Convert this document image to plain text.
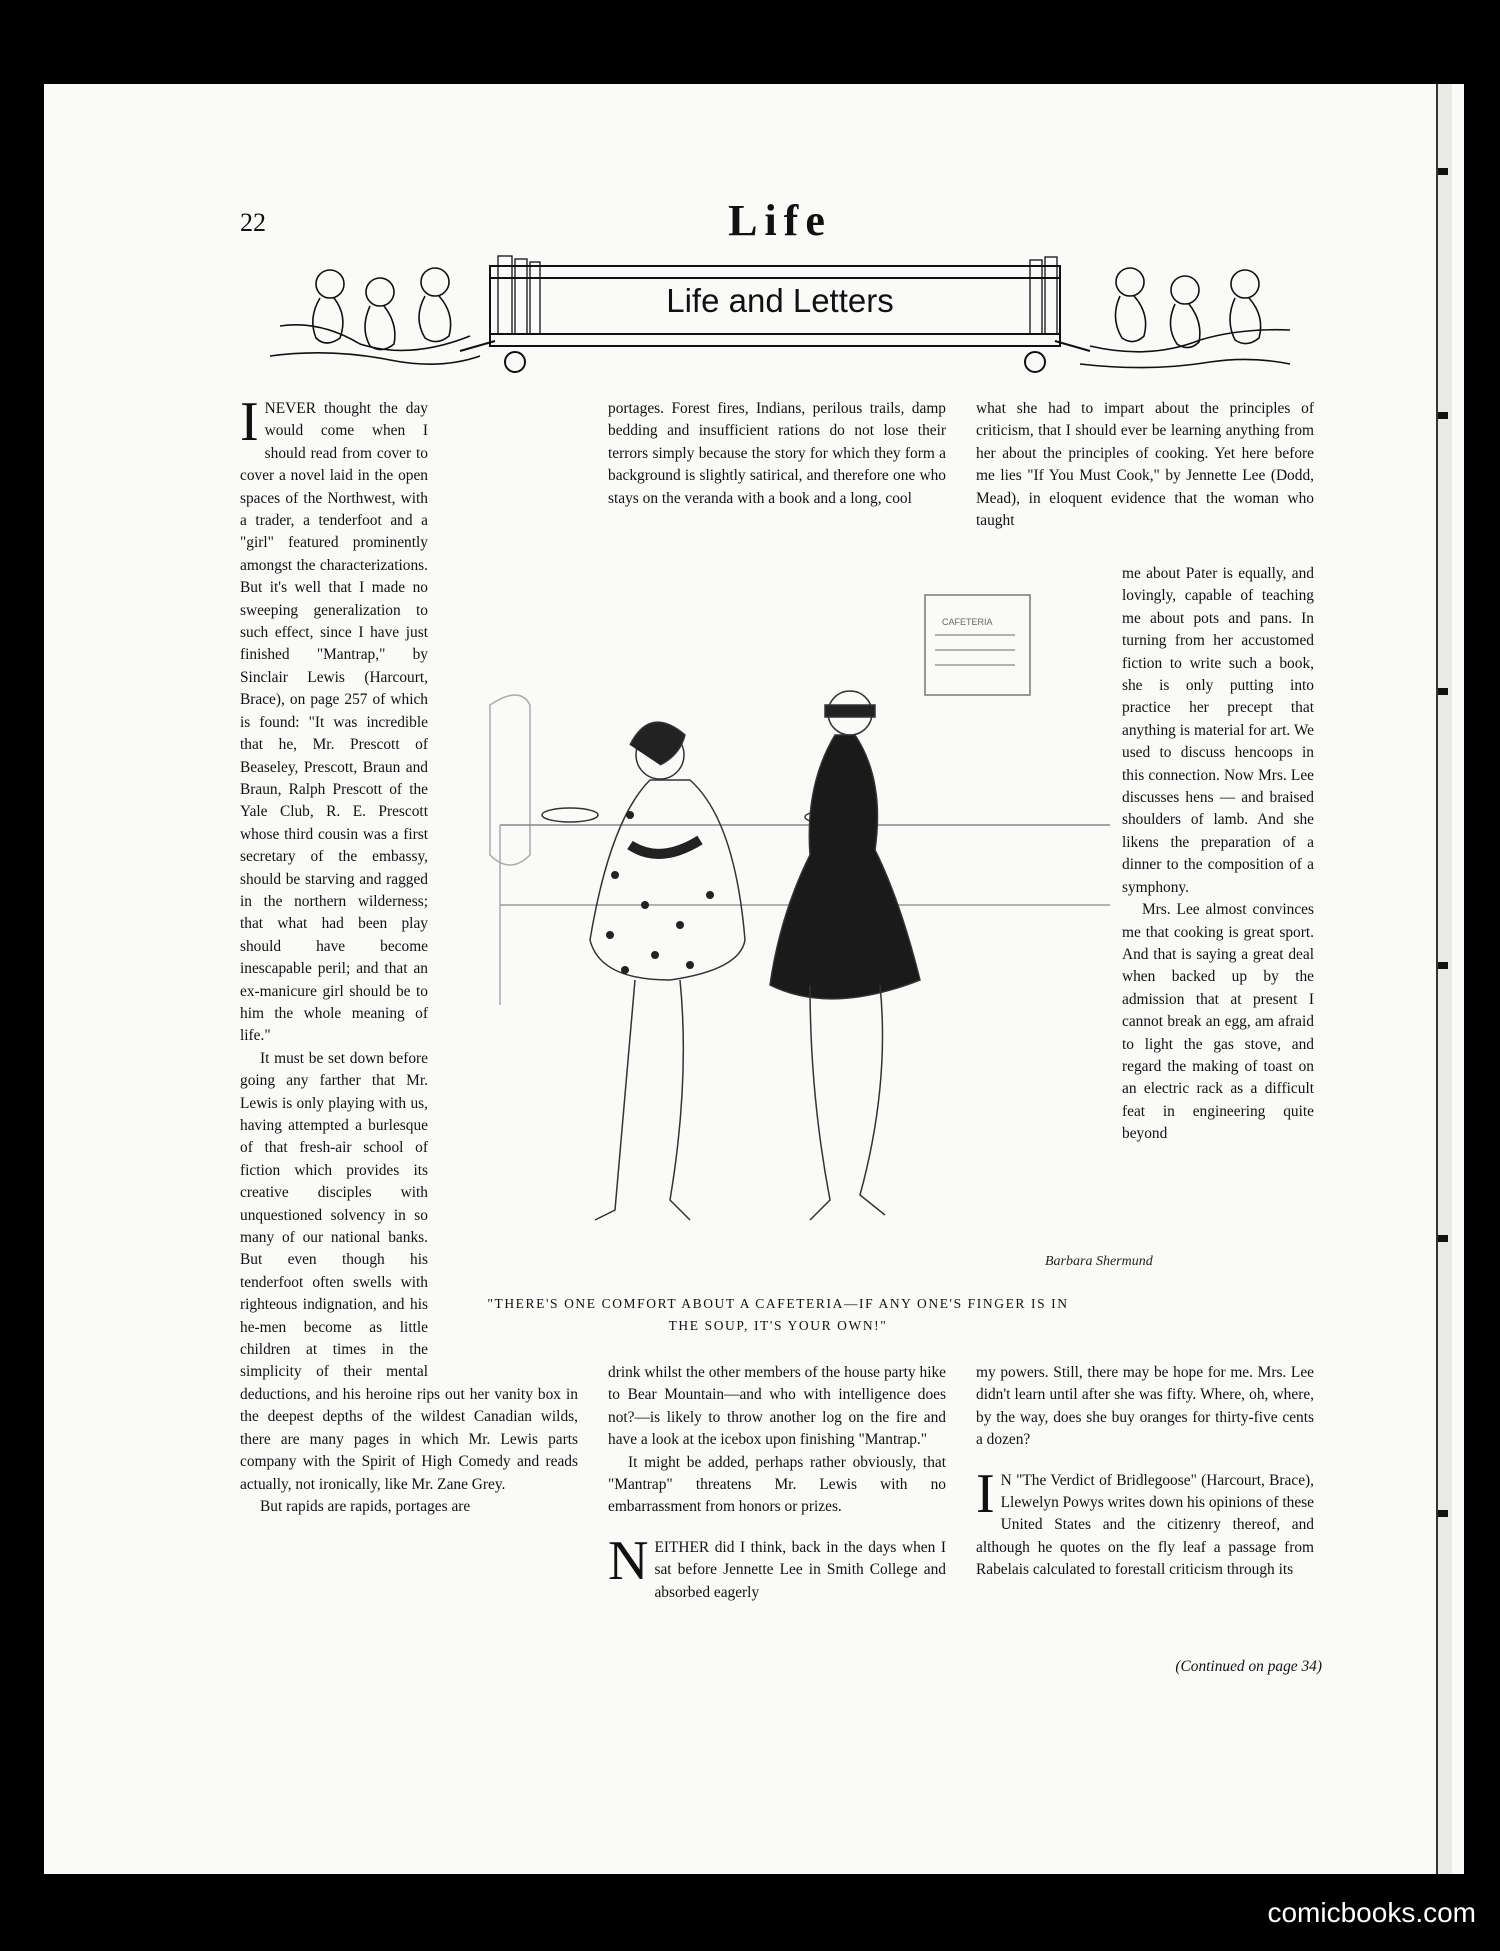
22	Life
Life and Letters

INEVER thought the day would come when I should read from cover to cover a novel laid in the open spaces of the Northwest, with a trader, a tenderfoot and a "girl" featured prominently amongst the characterizations. But it's well that I made no sweeping generalization to such effect, since I have just finished "Mantrap," by Sinclair Lewis (Harcourt, Brace), on page 257 of which is found: "It was incredible that he, Mr. Prescott of Beaseley, Prescott, Braun and Braun, Ralph Prescott of the Yale Club, R. E. Prescott whose third cousin was a first secretary of the embassy, should be starving and ragged in the northern wilderness; that what had been play should have become inescapable peril; and that an ex-manicure girl should be to him the whole meaning of life."

It must be set down before going any farther that Mr. Lewis is only playing with us, having attempted a burlesque of that fresh-air school of fiction which provides its creative disciples with unquestioned solvency in so many of our national banks. But even though his tenderfoot often swells with righteous indignation, and his he-men become as little children at times in the simplicity of their mental deductions, and his heroine rips out her vanity box in the deepest depths of the wildest Canadian wilds, there are many pages in which Mr. Lewis parts company with the Spirit of High Comedy and reads actually, not ironically, like Mr. Zane Grey.

But rapids are rapids, portages are

portages. Forest fires, Indians, perilous trails, damp bedding and insufficient rations do not lose their terrors simply because the story for which they form a background is slightly satirical, and therefore one who stays on the veranda with a book and a long, cool

what she had to impart about the principles of criticism, that I should ever be learning anything from her about the principles of cooking. Yet here before me lies "If You Must Cook," by Jennette Lee (Dodd, Mead), in eloquent evidence that the woman who taught

me about Pater is equally, and lovingly, capable of teaching me about pots and pans. In turning from her accustomed fiction to write such a book, she is only putting into practice her precept that anything is material for art. We used to discuss hencoops in this connection. Now Mrs. Lee discusses hens — and braised shoulders of lamb. And she likens the preparation of a dinner to the composition of a symphony.

Mrs. Lee almost convinces me that cooking is great sport. And that is saying a great deal when backed up by the admission that at present I cannot break an egg, am afraid to light the gas stove, and regard the making of toast on an electric rack as a difficult feat in engineering quite beyond

Barbara Shermund
CAFETERIA
"THERE'S ONE COMFORT ABOUT A CAFETERIA—IF ANY ONE'S FINGER IS IN
THE SOUP, IT'S YOUR OWN!"

drink whilst the other members of the house party hike to Bear Mountain—and who with intelligence does not?—is likely to throw another log on the fire and have a look at the icebox upon finishing "Mantrap."

It might be added, perhaps rather obviously, that "Mantrap" threatens Mr. Lewis with no embarrassment from honors or prizes.

NEITHER did I think, back in the days when I sat before Jennette Lee in Smith College and absorbed eagerly

my powers. Still, there may be hope for me. Mrs. Lee didn't learn until after she was fifty. Where, oh, where, by the way, does she buy oranges for thirty-five cents a dozen?

I N "The Verdict of Bridlegoose" (Harcourt, Brace), Llewelyn Powys writes down his opinions of these United States and the citizenry thereof, and although he quotes on the fly leaf a passage from Rabelais calculated to forestall criticism through its

(Continued on page 34)
comicbooks.com
